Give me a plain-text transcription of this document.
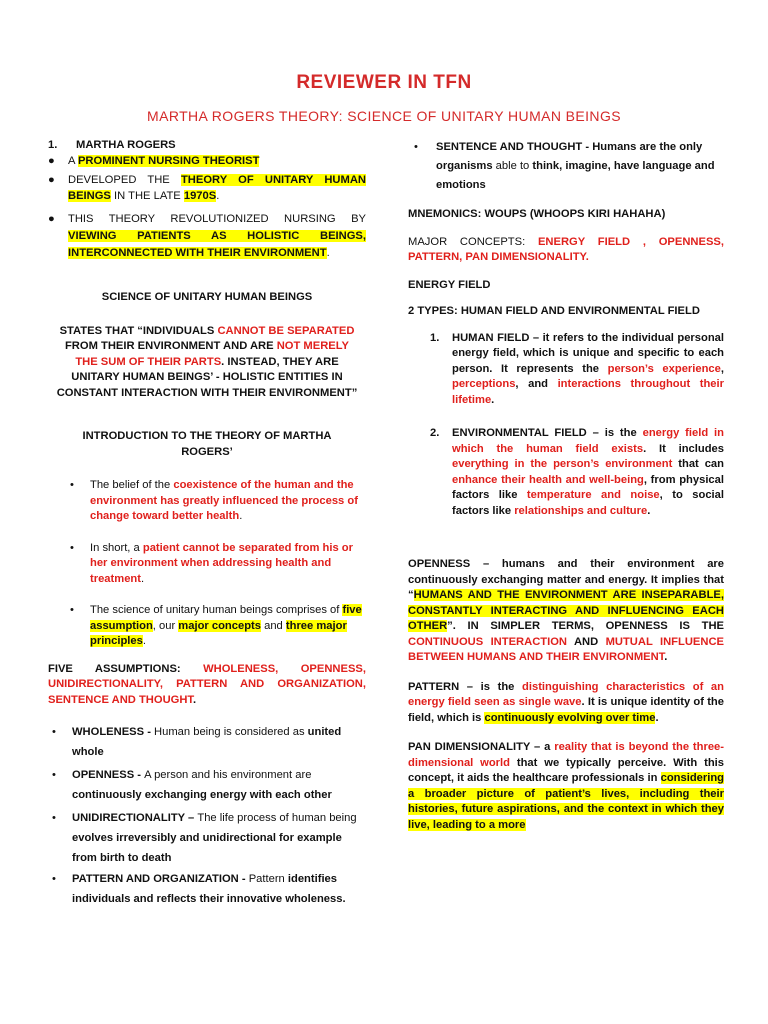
REVIEWER IN TFN
MARTHA ROGERS THEORY: SCIENCE OF UNITARY HUMAN BEINGS
1. MARTHA ROGERS
● A PROMINENT NURSING THEORIST
● DEVELOPED THE THEORY OF UNITARY HUMAN BEINGS IN THE LATE 1970S.
● THIS THEORY REVOLUTIONIZED NURSING BY VIEWING PATIENTS AS HOLISTIC BEINGS, INTERCONNECTED WITH THEIR ENVIRONMENT.
SCIENCE OF UNITARY HUMAN BEINGS
STATES THAT “INDIVIDUALS CANNOT BE SEPARATED FROM THEIR ENVIRONMENT AND ARE NOT MERELY THE SUM OF THEIR PARTS. INSTEAD, THEY ARE UNITARY HUMAN BEINGS’ - HOLISTIC ENTITIES IN CONSTANT INTERACTION WITH THEIR ENVIRONMENT”
INTRODUCTION TO THE THEORY OF MARTHA ROGERS’
• The belief of the coexistence of the human and the environment has greatly influenced the process of change toward better health.
• In short, a patient cannot be separated from his or her environment when addressing health and treatment.
• The science of unitary human beings comprises of five assumption, our major concepts and three major principles.
FIVE ASSUMPTIONS: WHOLENESS, OPENNESS, UNIDIRECTIONALITY, PATTERN AND ORGANIZATION, SENTENCE AND THOUGHT.
• WHOLENESS - Human being is considered as united whole
• OPENNESS - A person and his environment are continuously exchanging energy with each other
• UNIDIRECTIONALITY – The life process of human being evolves irreversibly and unidirectional for example from birth to death
• PATTERN AND ORGANIZATION - Pattern identifies individuals and reflects their innovative wholeness.
• SENTENCE AND THOUGHT - Humans are the only organisms able to think, imagine, have language and emotions
MNEMONICS: WOUPS (WHOOPS KIRI HAHAHA)
MAJOR CONCEPTS: ENERGY FIELD , OPENNESS, PATTERN, PAN DIMENSIONALITY.
ENERGY FIELD
2 TYPES: HUMAN FIELD AND ENVIRONMENTAL FIELD
1. HUMAN FIELD – it refers to the individual personal energy field, which is unique and specific to each person. It represents the person’s experience, perceptions, and interactions throughout their lifetime.
2. ENVIRONMENTAL FIELD – is the energy field in which the human field exists. It includes everything in the person’s environment that can enhance their health and well-being, from physical factors like temperature and noise, to social factors like relationships and culture.
OPENNESS – humans and their environment are continuously exchanging matter and energy. It implies that “HUMANS AND THE ENVIRONMENT ARE INSEPARABLE, CONSTANTLY INTERACTING AND INFLUENCING EACH OTHER”. IN SIMPLER TERMS, OPENNESS IS THE CONTINUOUS INTERACTION AND MUTUAL INFLUENCE BETWEEN HUMANS AND THEIR ENVIRONMENT.
PATTERN – is the distinguishing characteristics of an energy field seen as single wave. It is unique identity of the field, which is continuously evolving over time.
PAN DIMENSIONALITY – a reality that is beyond the three- dimensional world that we typically perceive. With this concept, it aids the healthcare professionals in considering a broader picture of patient’s lives, including their histories, future aspirations, and the context in which they live, leading to a more
